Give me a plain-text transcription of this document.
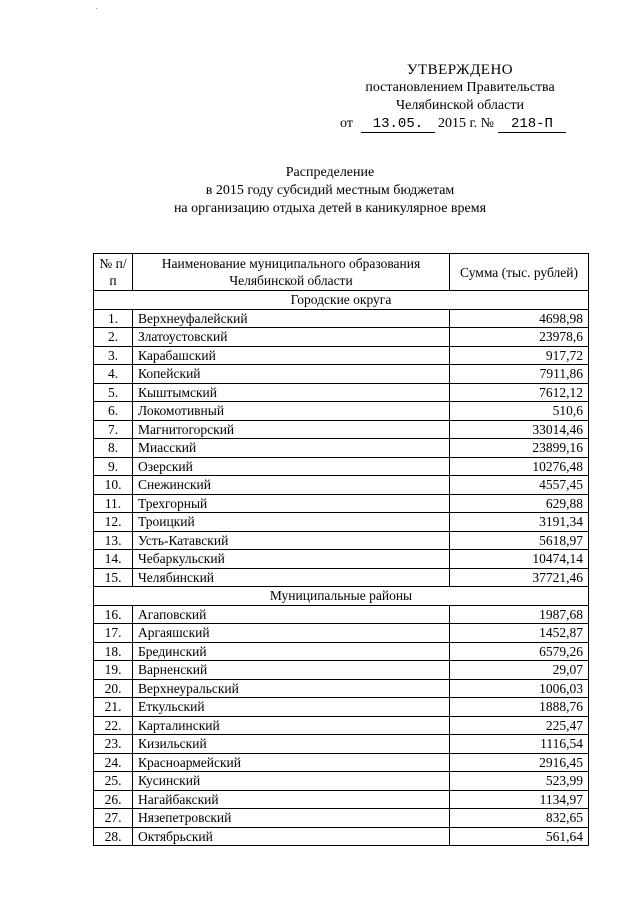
УТВЕРЖДЕНО
постановлением Правительства
Челябинской области
от 13.05. 2015 г. № 218-П
Распределение
в 2015 году субсидий местным бюджетам
на организацию отдыха детей в каникулярное время
№ п/п	Наименование муниципального образования Челябинской области	Сумма (тыс. рублей)
Городские округа		
1.	Верхнеуфалейский	4698,98
2.	Златоустовский	23978,6
3.	Карабашский	917,72
4.	Копейский	7911,86
5.	Кыштымский	7612,12
6.	Локомотивный	510,6
7.	Магнитогорский	33014,46
8.	Миасский	23899,16
9.	Озерский	10276,48
10.	Снежинский	4557,45
11.	Трехгорный	629,88
12.	Троицкий	3191,34
13.	Усть-Катавский	5618,97
14.	Чебаркульский	10474,14
15.	Челябинский	37721,46
Муниципальные районы		
16.	Агаповский	1987,68
17.	Аргаяшский	1452,87
18.	Брединский	6579,26
19.	Варненский	29,07
20.	Верхнеуральский	1006,03
21.	Еткульский	1888,76
22.	Карталинский	225,47
23.	Кизильский	1116,54
24.	Красноармейский	2916,45
25.	Кусинский	523,99
26.	Нагайбакский	1134,97
27.	Нязепетровский	832,65
28.	Октябрьский	561,64
